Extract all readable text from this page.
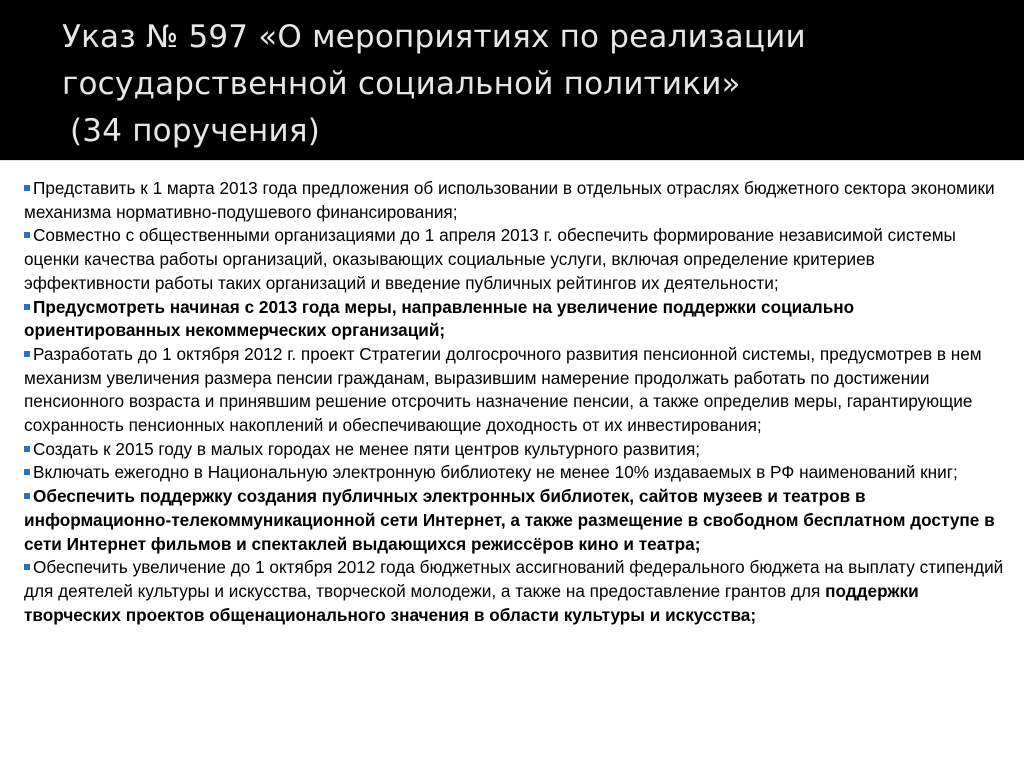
Указ № 597 «О мероприятиях по реализации
государственной социальной политики»
(34 поручения)

Представить к 1 марта 2013 года предложения об использовании в отдельных отраслях бюджетного сектора экономики механизма нормативно-подушевого финансирования;

Совместно с общественными организациями до 1 апреля 2013 г. обеспечить формирование независимой системы оценки качества работы организаций, оказывающих социальные услуги, включая определение критериев эффективности работы таких организаций и введение публичных рейтингов их деятельности;

Предусмотреть начиная с 2013 года меры, направленные на увеличение поддержки социально ориентированных некоммерческих организаций;

Разработать до 1 октября 2012 г. проект Стратегии долгосрочного развития пенсионной системы, предусмотрев в нем механизм увеличения размера пенсии гражданам, выразившим намерение продолжать работать по достижении пенсионного возраста и принявшим решение отсрочить назначение пенсии, а также определив меры, гарантирующие сохранность пенсионных накоплений и обеспечивающие доходность от их инвестирования;

Создать к 2015 году в малых городах не менее пяти центров культурного развития;

Включать ежегодно в Национальную электронную библиотеку не менее 10% издаваемых в РФ наименований книг;

Обеспечить поддержку создания публичных электронных библиотек, сайтов музеев и театров в информационно-телекоммуникационной сети Интернет, а также размещение в свободном бесплатном доступе в сети Интернет фильмов и спектаклей выдающихся режиссёров кино и театра;

Обеспечить увеличение до 1 октября 2012 года бюджетных ассигнований федерального бюджета на выплату стипендий для деятелей культуры и искусства, творческой молодежи, а также на предоставление грантов для поддержки творческих проектов общенационального значения в области культуры и искусства;
